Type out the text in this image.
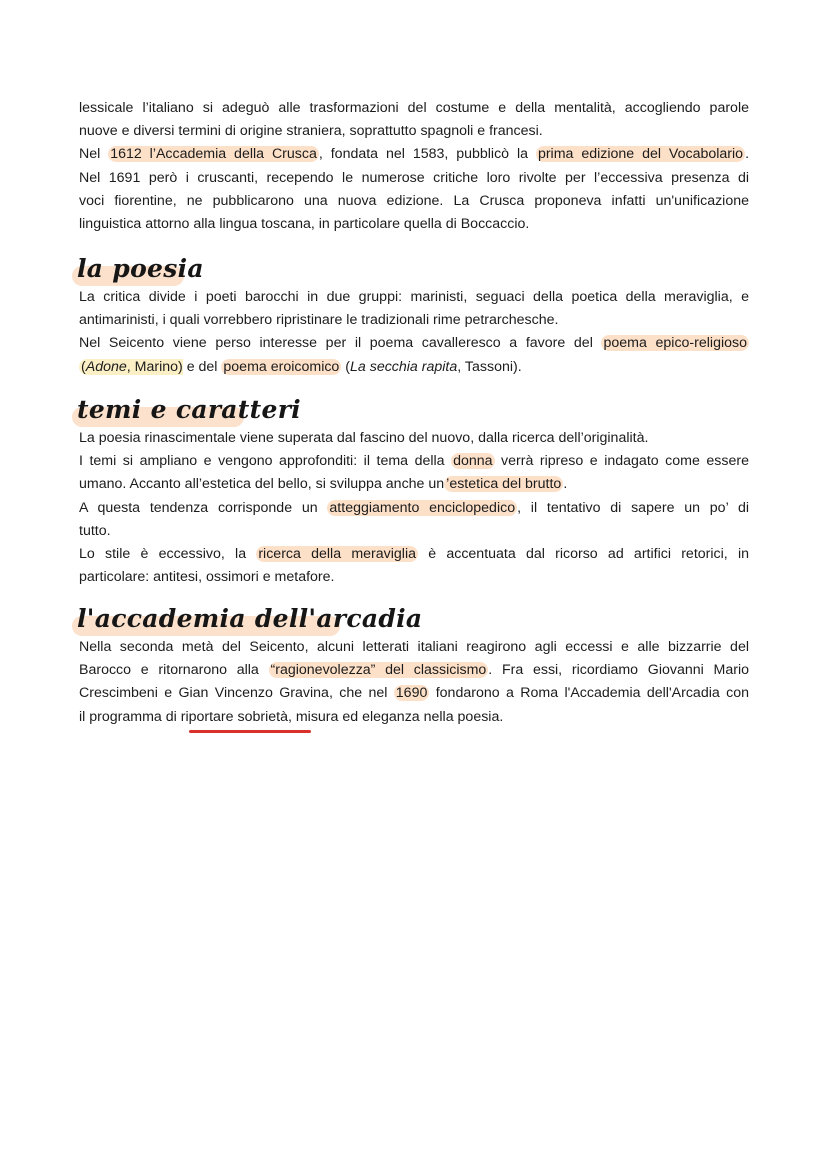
lessicale l’italiano si adeguò alle trasformazioni del costume e della mentalità, accogliendo parole
nuove e diversi termini di origine straniera, soprattutto spagnoli e francesi.
Nel 1612 l’Accademia della Crusca , fondata nel 1583, pubblicò la prima edizione del Vocabolario .
Nel 1691 però i cruscanti, recependo le numerose critiche loro rivolte per l’eccessiva presenza di
voci fiorentine, ne pubblicarono una nuova edizione. La Crusca proponeva infatti un'unificazione
linguistica attorno alla lingua toscana, in particolare quella di Boccaccio.
la poesia
La critica divide i poeti barocchi in due gruppi: marinisti, seguaci della poetica della meraviglia, e
antimarinisti, i quali vorrebbero ripristinare le tradizionali rime petrarchesche.
Nel Seicento viene perso interesse per il poema cavalleresco a favore del poema epico-religioso
(Adone, Marino) e del poema eroicomico (La secchia rapita, Tassoni).
temi e caratteri
La poesia rinascimentale viene superata dal fascino del nuovo, dalla ricerca dell’originalità.
I temi si ampliano e vengono approfonditi: il tema della donna verrà ripreso e indagato come essere
umano. Accanto all’estetica del bello, si sviluppa anche un ’estetica del brutto .
A questa tendenza corrisponde un atteggiamento enciclopedico , il tentativo di sapere un po’ di
tutto.
Lo stile è eccessivo, la ricerca della meraviglia è accentuata dal ricorso ad artifici retorici, in
particolare: antitesi, ossimori e metafore.
l'accademia dell'arcadia
Nella seconda metà del Seicento, alcuni letterati italiani reagirono agli eccessi e alle bizzarrie del
Barocco e ritornarono alla “ragionevolezza” del classicismo . Fra essi, ricordiamo Giovanni Mario
Crescimbeni e Gian Vincenzo Gravina, che nel 1690 fondarono a Roma l'Accademia dell'Arcadia con
il programma di riportare sobrietà, misura ed eleganza nella poesia.
